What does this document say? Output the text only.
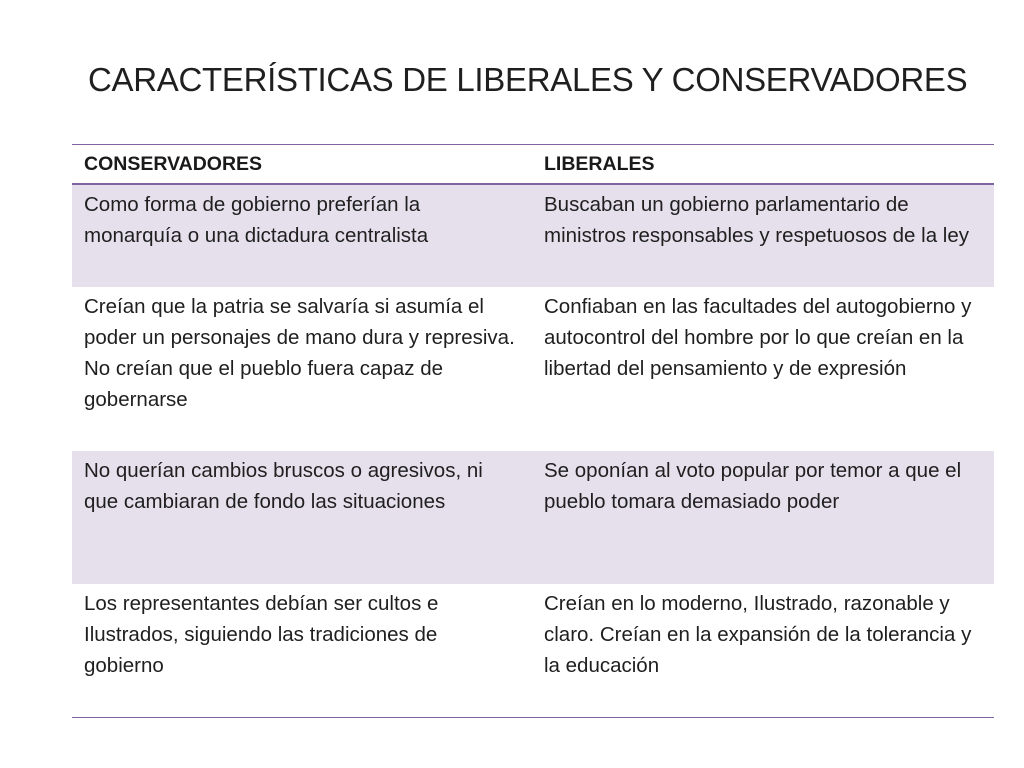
CARACTERÍSTICAS DE LIBERALES Y CONSERVADORES
CONSERVADORES	LIBERALES
Como forma de gobierno preferían la monarquía o una dictadura centralista	Buscaban un gobierno parlamentario de ministros responsables y respetuosos de la ley
Creían que la patria se salvaría si asumía el poder un personajes de mano dura y represiva. No creían que el pueblo fuera capaz de gobernarse	Confiaban en las facultades del autogobierno y autocontrol del hombre por lo que creían en la libertad del pensamiento y de expresión
No querían cambios bruscos o agresivos, ni que cambiaran de fondo las situaciones	Se oponían al voto popular por temor a que el pueblo tomara demasiado poder
Los representantes debían ser cultos e Ilustrados, siguiendo las tradiciones de gobierno	Creían en lo moderno, Ilustrado, razonable y claro. Creían en la expansión de la tolerancia y la educación
